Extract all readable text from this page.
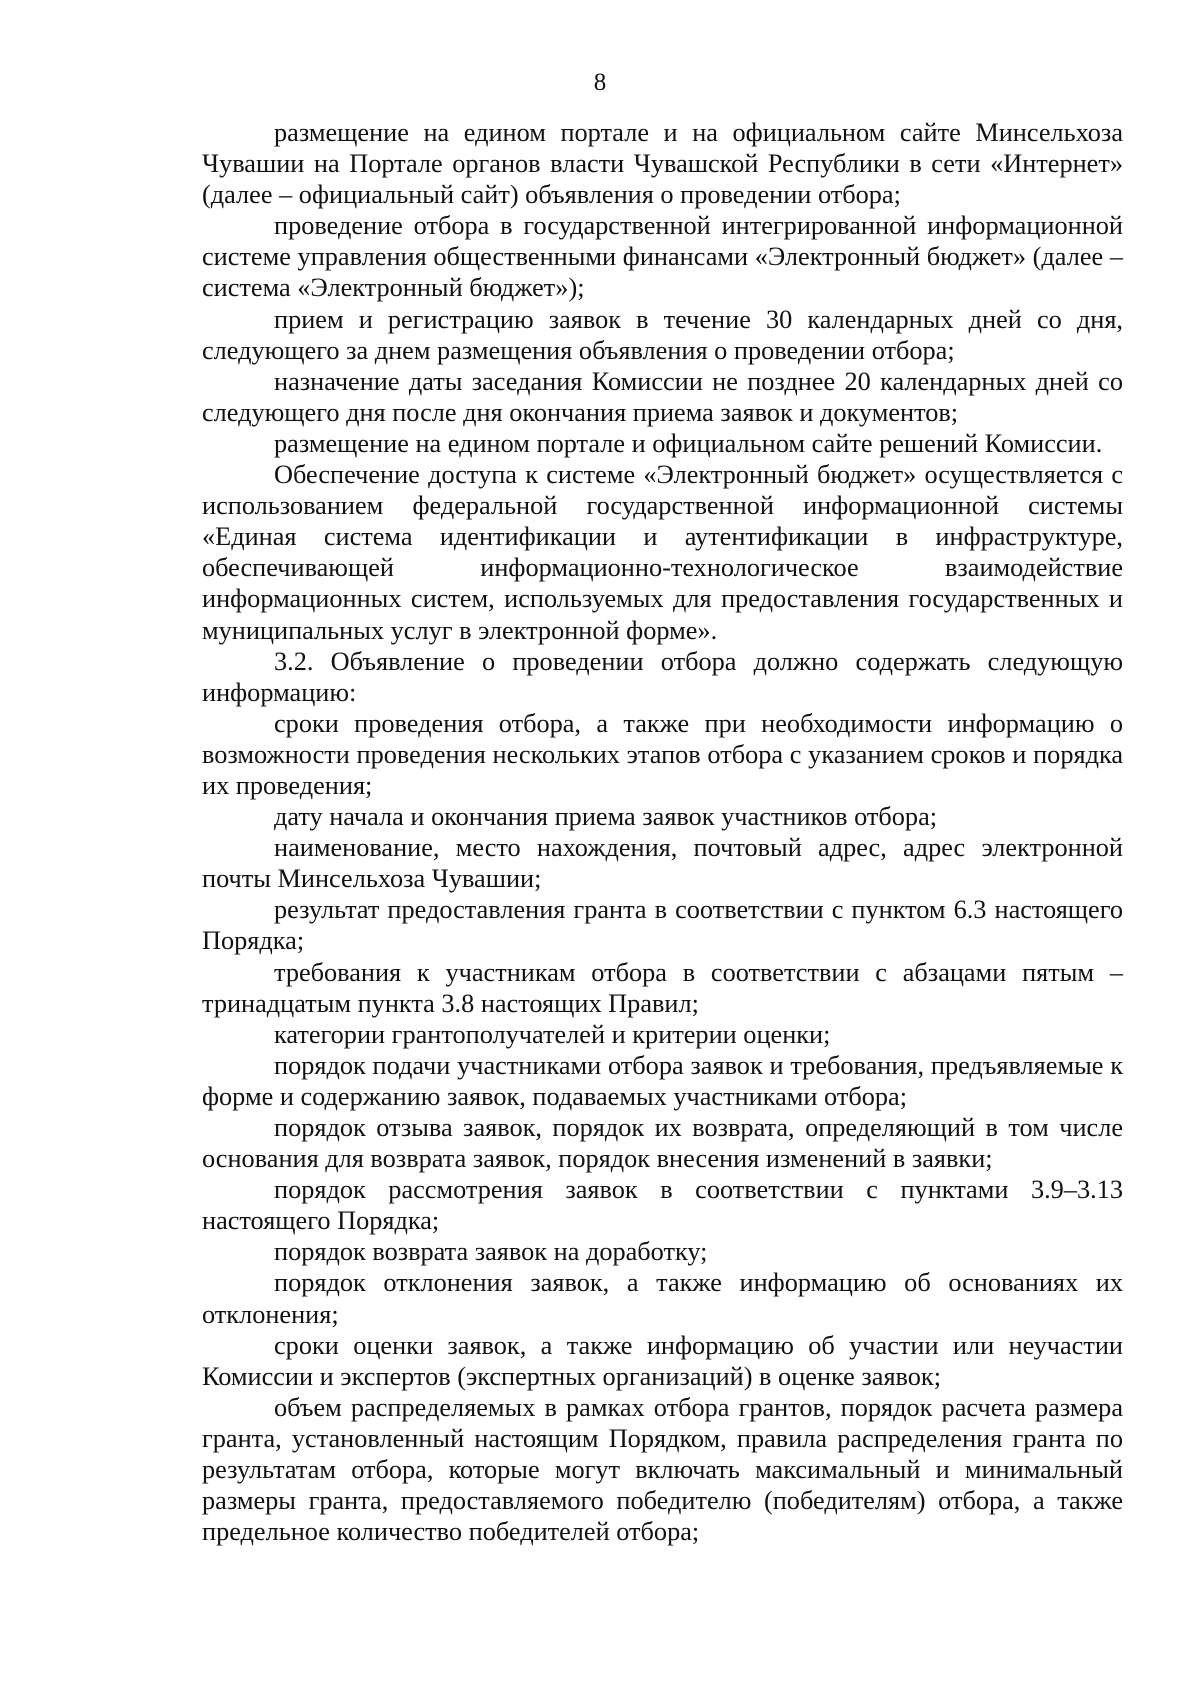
8

размещение на едином портале и на официальном сайте Минсельхоза Чувашии на Портале органов власти Чувашской Республики в сети «Интернет» (далее – официальный сайт) объявления о проведении отбора;

проведение отбора в государственной интегрированной информационной системе управления общественными финансами «Электронный бюджет» (далее – система «Электронный бюджет»);

прием и регистрацию заявок в течение 30 календарных дней со дня, следующего за днем размещения объявления о проведении отбора;

назначение даты заседания Комиссии не позднее 20 календарных дней со следующего дня после дня окончания приема заявок и документов;

размещение на едином портале и официальном сайте решений Комиссии.

Обеспечение доступа к системе «Электронный бюджет» осуществляется с использованием федеральной государственной информационной системы «Единая система идентификации и аутентификации в инфраструктуре, обеспечивающей информационно-технологическое взаимодействие информационных систем, используемых для предоставления государственных и муниципальных услуг в электронной форме».

3.2. Объявление о проведении отбора должно содержать следующую информацию:

сроки проведения отбора, а также при необходимости информацию о возможности проведения нескольких этапов отбора с указанием сроков и порядка их проведения;

дату начала и окончания приема заявок участников отбора;

наименование, место нахождения, почтовый адрес, адрес электронной почты Минсельхоза Чувашии;

результат предоставления гранта в соответствии с пунктом 6.3 настоящего Порядка;

требования к участникам отбора в соответствии с абзацами пятым – тринадцатым пункта 3.8 настоящих Правил;

категории грантополучателей и критерии оценки;

порядок подачи участниками отбора заявок и требования, предъявляемые к форме и содержанию заявок, подаваемых участниками отбора;

порядок отзыва заявок, порядок их возврата, определяющий в том числе основания для возврата заявок, порядок внесения изменений в заявки;

порядок рассмотрения заявок в соответствии с пунктами 3.9–3.13 настоящего Порядка;

порядок возврата заявок на доработку;

порядок отклонения заявок, а также информацию об основаниях их отклонения;

сроки оценки заявок, а также информацию об участии или неучастии Комиссии и экспертов (экспертных организаций) в оценке заявок;

объем распределяемых в рамках отбора грантов, порядок расчета размера гранта, установленный настоящим Порядком, правила распределения гранта по результатам отбора, которые могут включать максимальный и минимальный размеры гранта, предоставляемого победителю (победителям) отбора, а также предельное количество победителей отбора;
